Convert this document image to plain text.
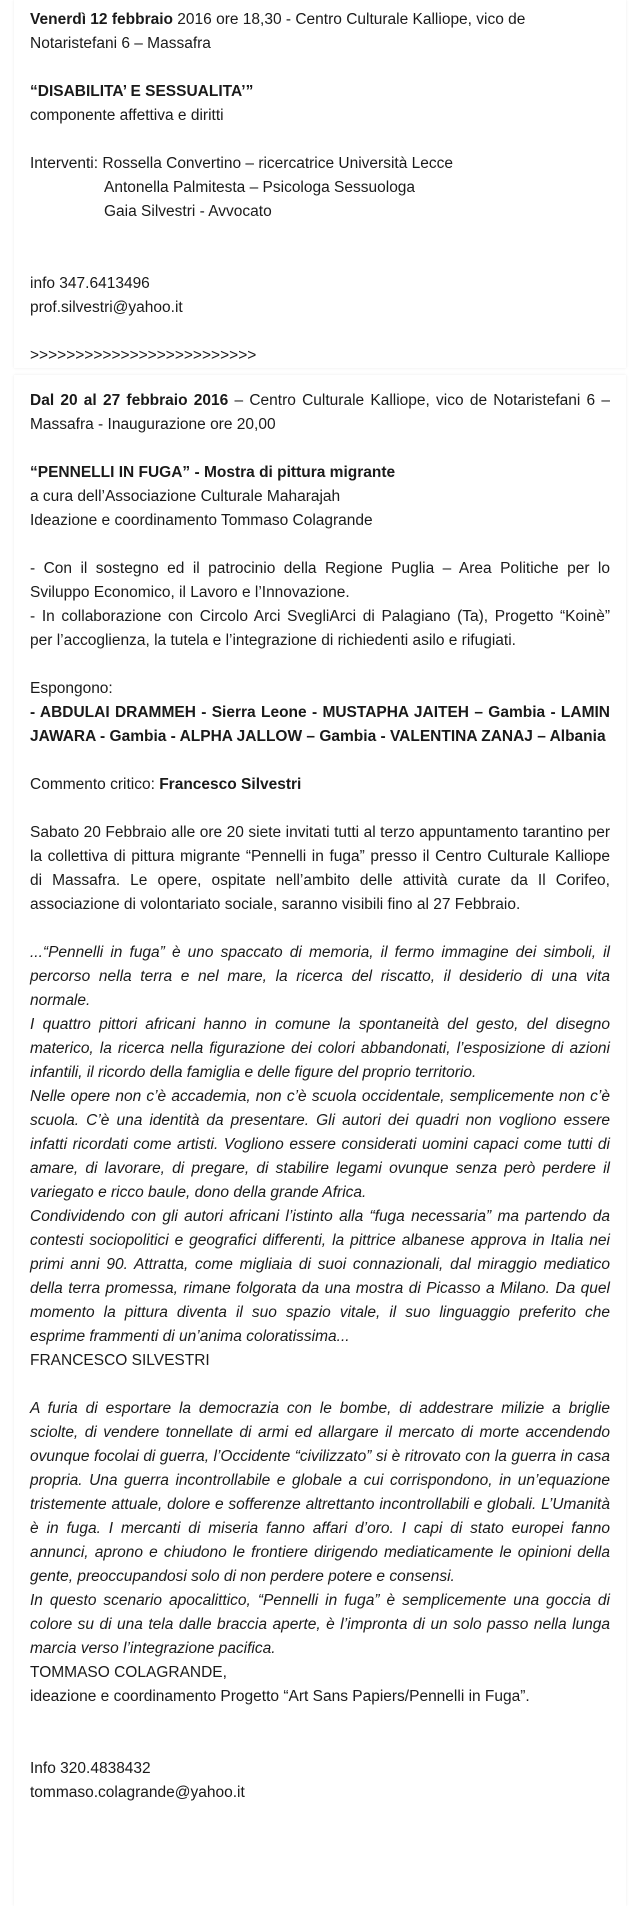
Venerdì 12 febbraio 2016 ore 18,30 - Centro Culturale Kalliope, vico de Notaristefani 6 – Massafra

“DISABILITA’ E SESSUALITA’”

componente affettiva e diritti

Interventi: Rossella Convertino – ricercatrice Università Lecce

Antonella Palmitesta – Psicologa Sessuologa

Gaia Silvestri - Avvocato

info 347.6413496

prof.silvestri@yahoo.it

>>>>>>>>>>>>>>>>>>>>>>>>>

Dal 20 al 27 febbraio 2016 – Centro Culturale Kalliope, vico de Notaristefani 6 – Massafra - Inaugurazione ore 20,00

“PENNELLI IN FUGA” - Mostra di pittura migrante

a cura dell’Associazione Culturale Maharajah

Ideazione e coordinamento Tommaso Colagrande

- Con il sostegno ed il patrocinio della Regione Puglia – Area Politiche per lo Sviluppo Economico, il Lavoro e l’Innovazione.

- In collaborazione con Circolo Arci SvegliArci di Palagiano (Ta), Progetto “Koinè” per l’accoglienza, la tutela e l’integrazione di richiedenti asilo e rifugiati.

Espongono:

- ABDULAI DRAMMEH - Sierra Leone - MUSTAPHA JAITEH – Gambia - LAMIN JAWARA - Gambia - ALPHA JALLOW – Gambia - VALENTINA ZANAJ – Albania

Commento critico: Francesco Silvestri

Sabato 20 Febbraio alle ore 20 siete invitati tutti al terzo appuntamento tarantino per la collettiva di pittura migrante “Pennelli in fuga” presso il Centro Culturale Kalliope di Massafra. Le opere, ospitate nell’ambito delle attività curate da Il Corifeo, associazione di volontariato sociale, saranno visibili fino al 27 Febbraio.

...“Pennelli in fuga” è uno spaccato di memoria, il fermo immagine dei simboli, il percorso nella terra e nel mare, la ricerca del riscatto, il desiderio di una vita normale.

I quattro pittori africani hanno in comune la spontaneità del gesto, del disegno materico, la ricerca nella figurazione dei colori abbandonati, l’esposizione di azioni infantili, il ricordo della famiglia e delle figure del proprio territorio.

Nelle opere non c’è accademia, non c’è scuola occidentale, semplicemente non c’è scuola. C’è una identità da presentare. Gli autori dei quadri non vogliono essere infatti ricordati come artisti. Vogliono essere considerati uomini capaci come tutti di amare, di lavorare, di pregare, di stabilire legami ovunque senza però perdere il variegato e ricco baule, dono della grande Africa.

Condividendo con gli autori africani l’istinto alla “fuga necessaria” ma partendo da contesti sociopolitici e geografici differenti, la pittrice albanese approva in Italia nei primi anni 90. Attratta, come migliaia di suoi connazionali, dal miraggio mediatico della terra promessa, rimane folgorata da una mostra di Picasso a Milano. Da quel momento la pittura diventa il suo spazio vitale, il suo linguaggio preferito che esprime frammenti di un’anima coloratissima...

FRANCESCO SILVESTRI

A furia di esportare la democrazia con le bombe, di addestrare milizie a briglie sciolte, di vendere tonnellate di armi ed allargare il mercato di morte accendendo ovunque focolai di guerra, l’Occidente “civilizzato” si è ritrovato con la guerra in casa propria. Una guerra incontrollabile e globale a cui corrispondono, in un’equazione tristemente attuale, dolore e sofferenze altrettanto incontrollabili e globali. L’Umanità è in fuga. I mercanti di miseria fanno affari d’oro. I capi di stato europei fanno annunci, aprono e chiudono le frontiere dirigendo mediaticamente le opinioni della gente, preoccupandosi solo di non perdere potere e consensi.

In questo scenario apocalittico, “Pennelli in fuga” è semplicemente una goccia di colore su di una tela dalle braccia aperte, è l’impronta di un solo passo nella lunga marcia verso l’integrazione pacifica.

TOMMASO COLAGRANDE,

ideazione e coordinamento Progetto “Art Sans Papiers/Pennelli in Fuga”.

Info 320.4838432

tommaso.colagrande@yahoo.it
